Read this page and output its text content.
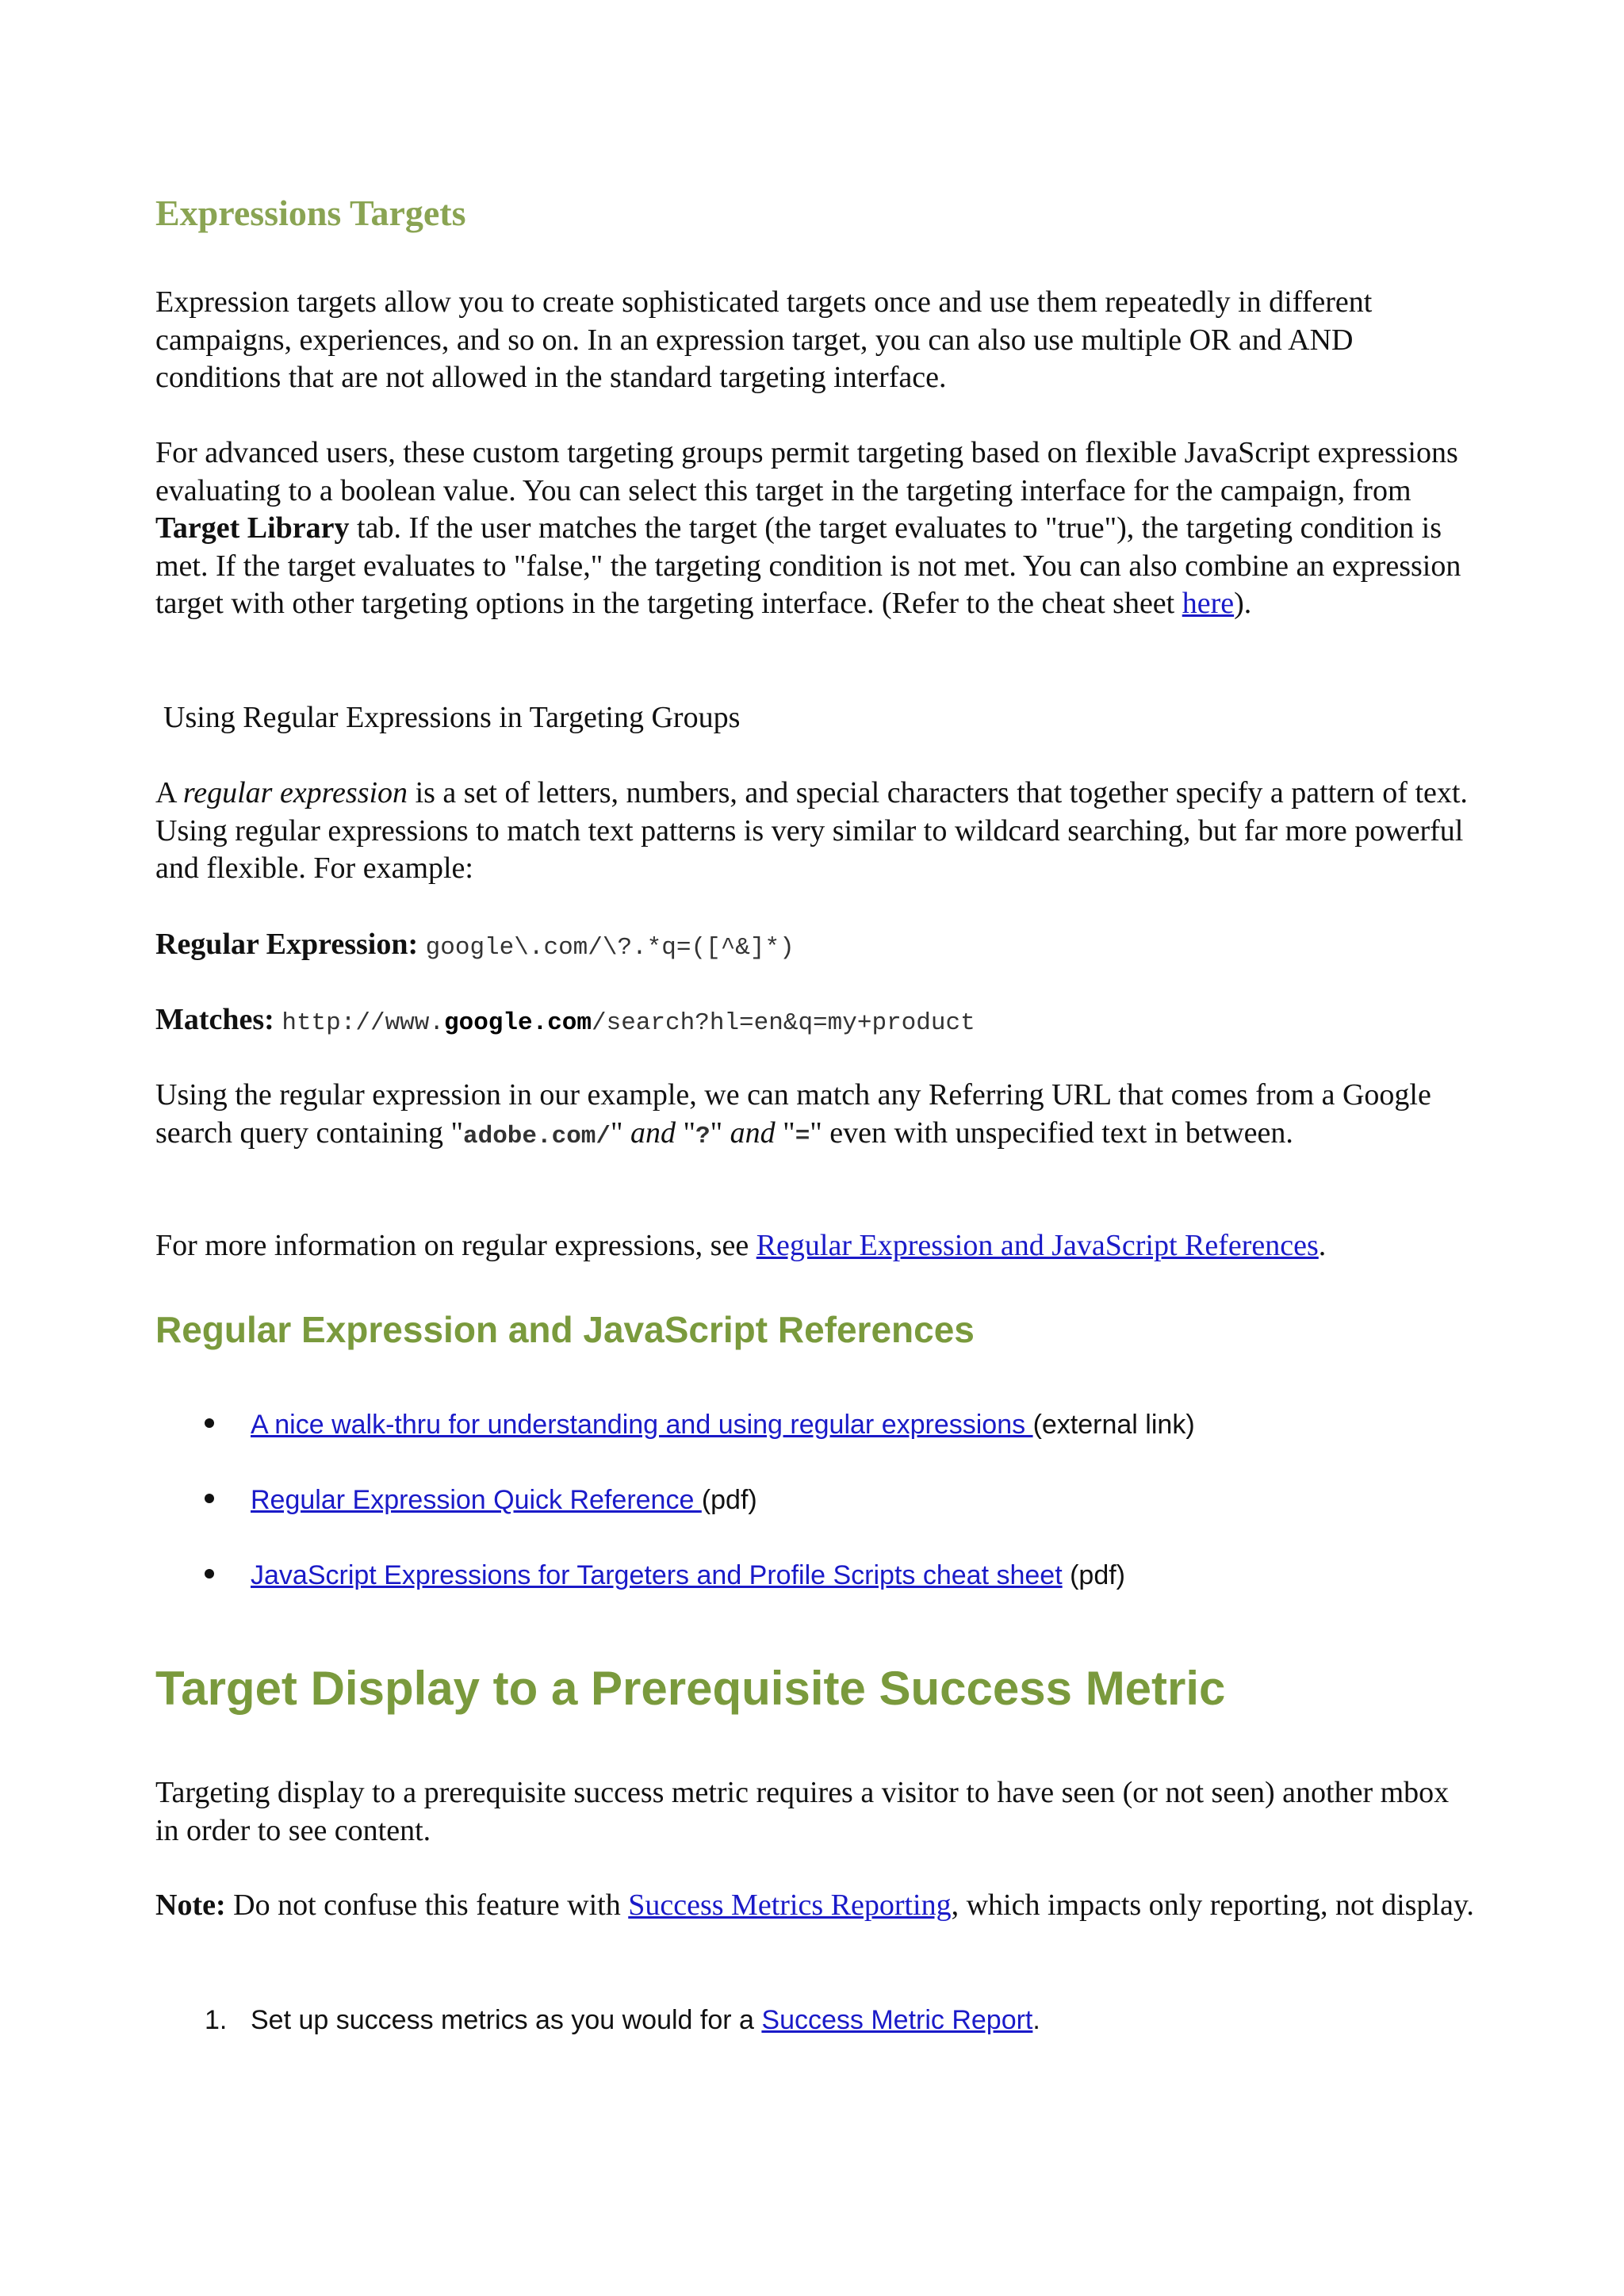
Expressions Targets

Expression targets allow you to create sophisticated targets once and use them repeatedly in different campaigns, experiences, and so on. In an expression target, you can also use multiple OR and AND conditions that are not allowed in the standard targeting interface.

For advanced users, these custom targeting groups permit targeting based on flexible JavaScript expressions evaluating to a boolean value. You can select this target in the targeting interface for the campaign, from Target Library tab. If the user matches the target (the target evaluates to "true"), the targeting condition is met. If the target evaluates to "false," the targeting condition is not met. You can also combine an expression target with other targeting options in the targeting interface. (Refer to the cheat sheet here).

Using Regular Expressions in Targeting Groups

A regular expression is a set of letters, numbers, and special characters that together specify a pattern of text. Using regular expressions to match text patterns is very similar to wildcard searching, but far more powerful and flexible. For example:

Regular Expression: google\.com/\?.*q=([^&]*)

Matches: http://www.google.com/search?hl=en&q=my+product

Using the regular expression in our example, we can match any Referring URL that comes from a Google search query containing "adobe.com/" and "?" and "=" even with unspecified text in between.

For more information on regular expressions, see Regular Expression and JavaScript References.

Regular Expression and JavaScript References
A nice walk-thru for understanding and using regular expressions (external link)
Regular Expression Quick Reference (pdf)
JavaScript Expressions for Targeters and Profile Scripts cheat sheet (pdf)
Target Display to a Prerequisite Success Metric

Targeting display to a prerequisite success metric requires a visitor to have seen (or not seen) another mbox in order to see content.

Note: Do not confuse this feature with Success Metrics Reporting, which impacts only reporting, not display.

1. Set up success metrics as you would for a Success Metric Report.
